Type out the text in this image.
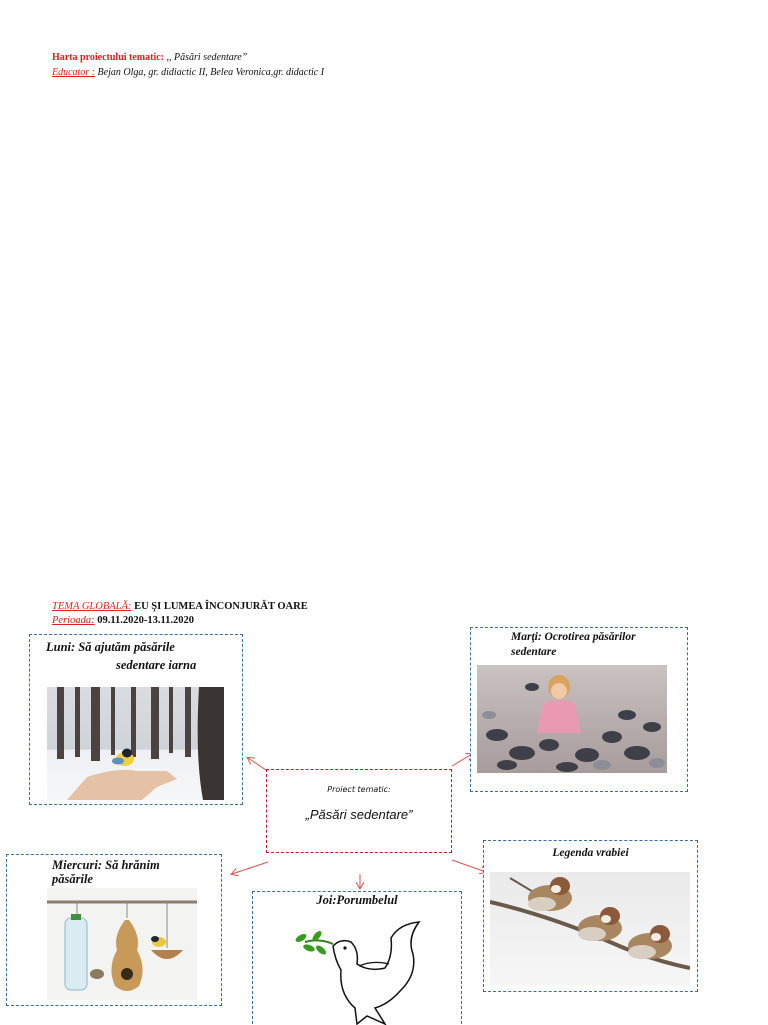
Harta proiectului tematic: ,, Păsări sedentare”
Educator : Bejan Olga, gr. didiactic II, Belea Veronica,gr. didactic I
TEMA GLOBALĂ: EU ŞI LUMEA ÎNCONJURĂT OARE
Perioada: 09.11.2020-13.11.2020
Luni: Să ajutăm păsările
sedentare iarna
Marţi: Ocrotirea păsărilor
sedentare
Proiect tematic:
„Păsări sedentare”
Miercuri: Să hrănim
păsările
Joi:Porumbelul
Legenda vrabiei
